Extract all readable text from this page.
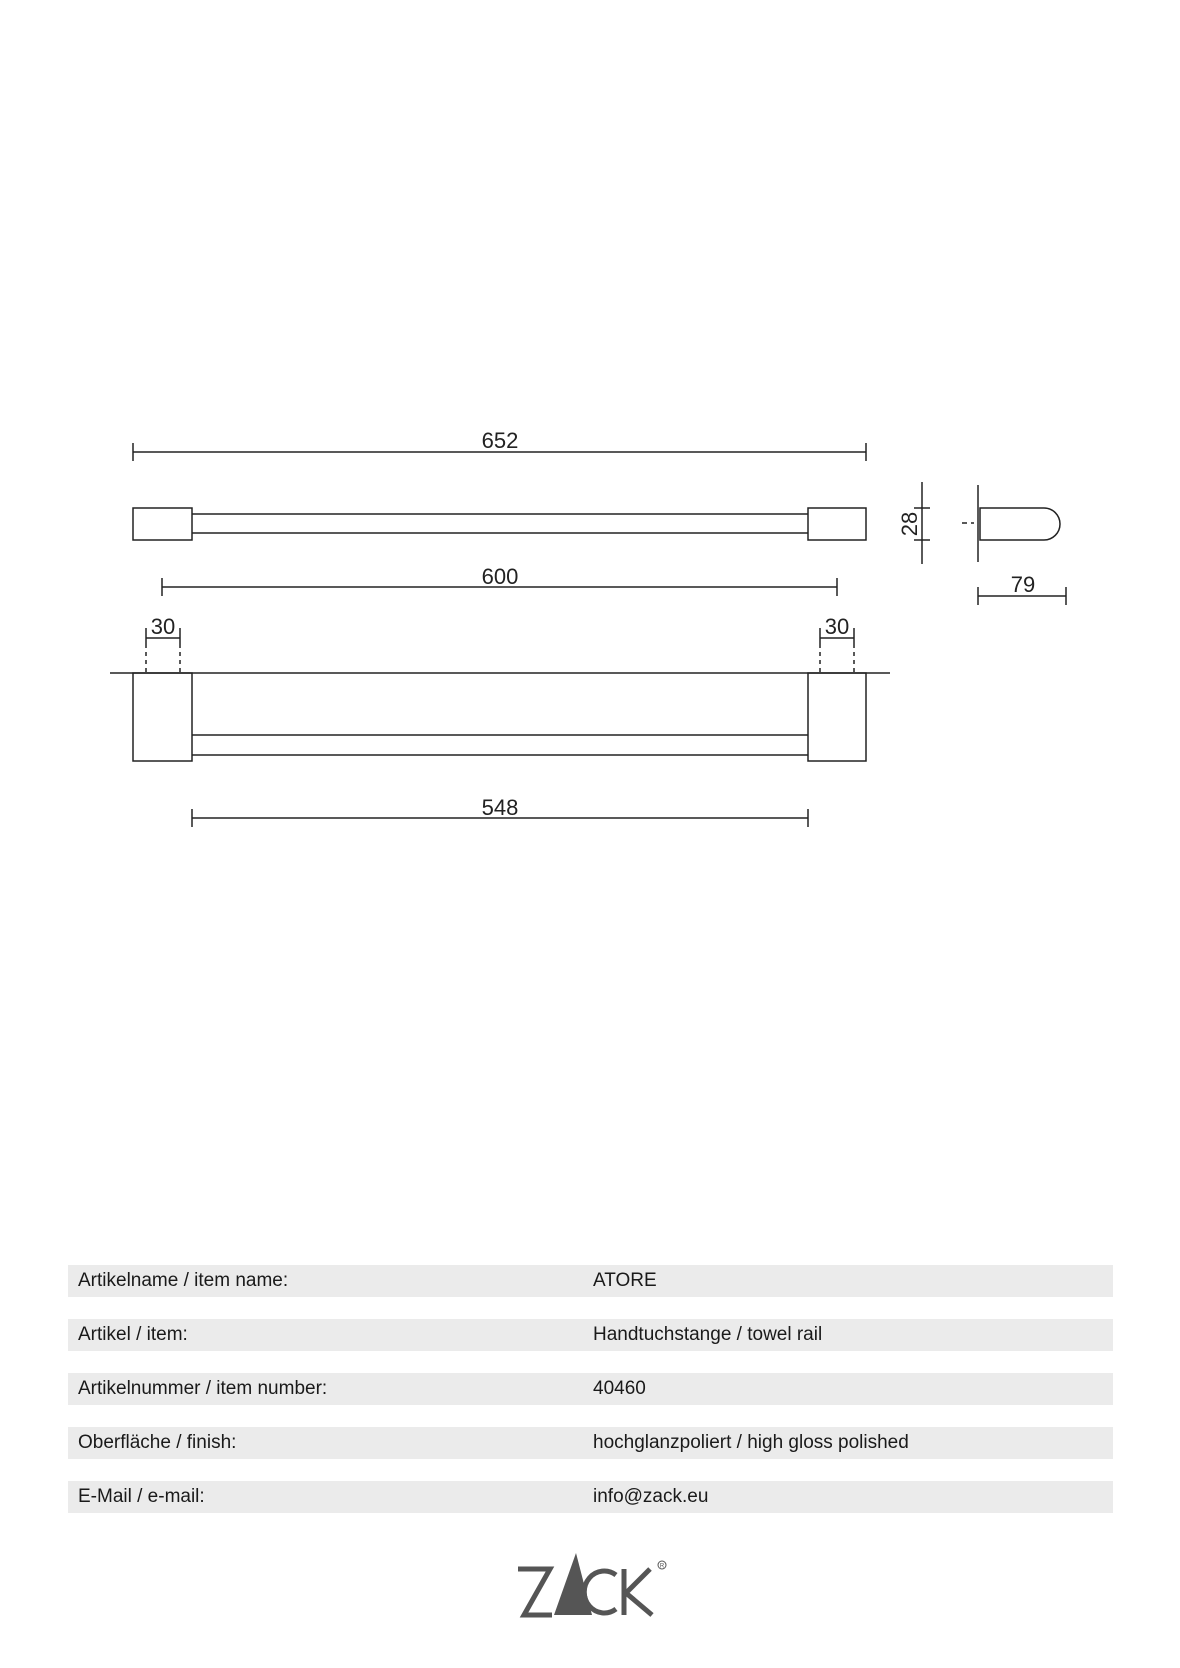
652
28
79
600
30	30
548
Artikelname / item name:	ATORE
Artikel / item:	Handtuchstange / towel rail
Artikelnummer / item number:	40460
Oberfläche / finish:	hochglanzpoliert / high gloss polished
E-Mail / e-mail:	info@zack.eu
R
